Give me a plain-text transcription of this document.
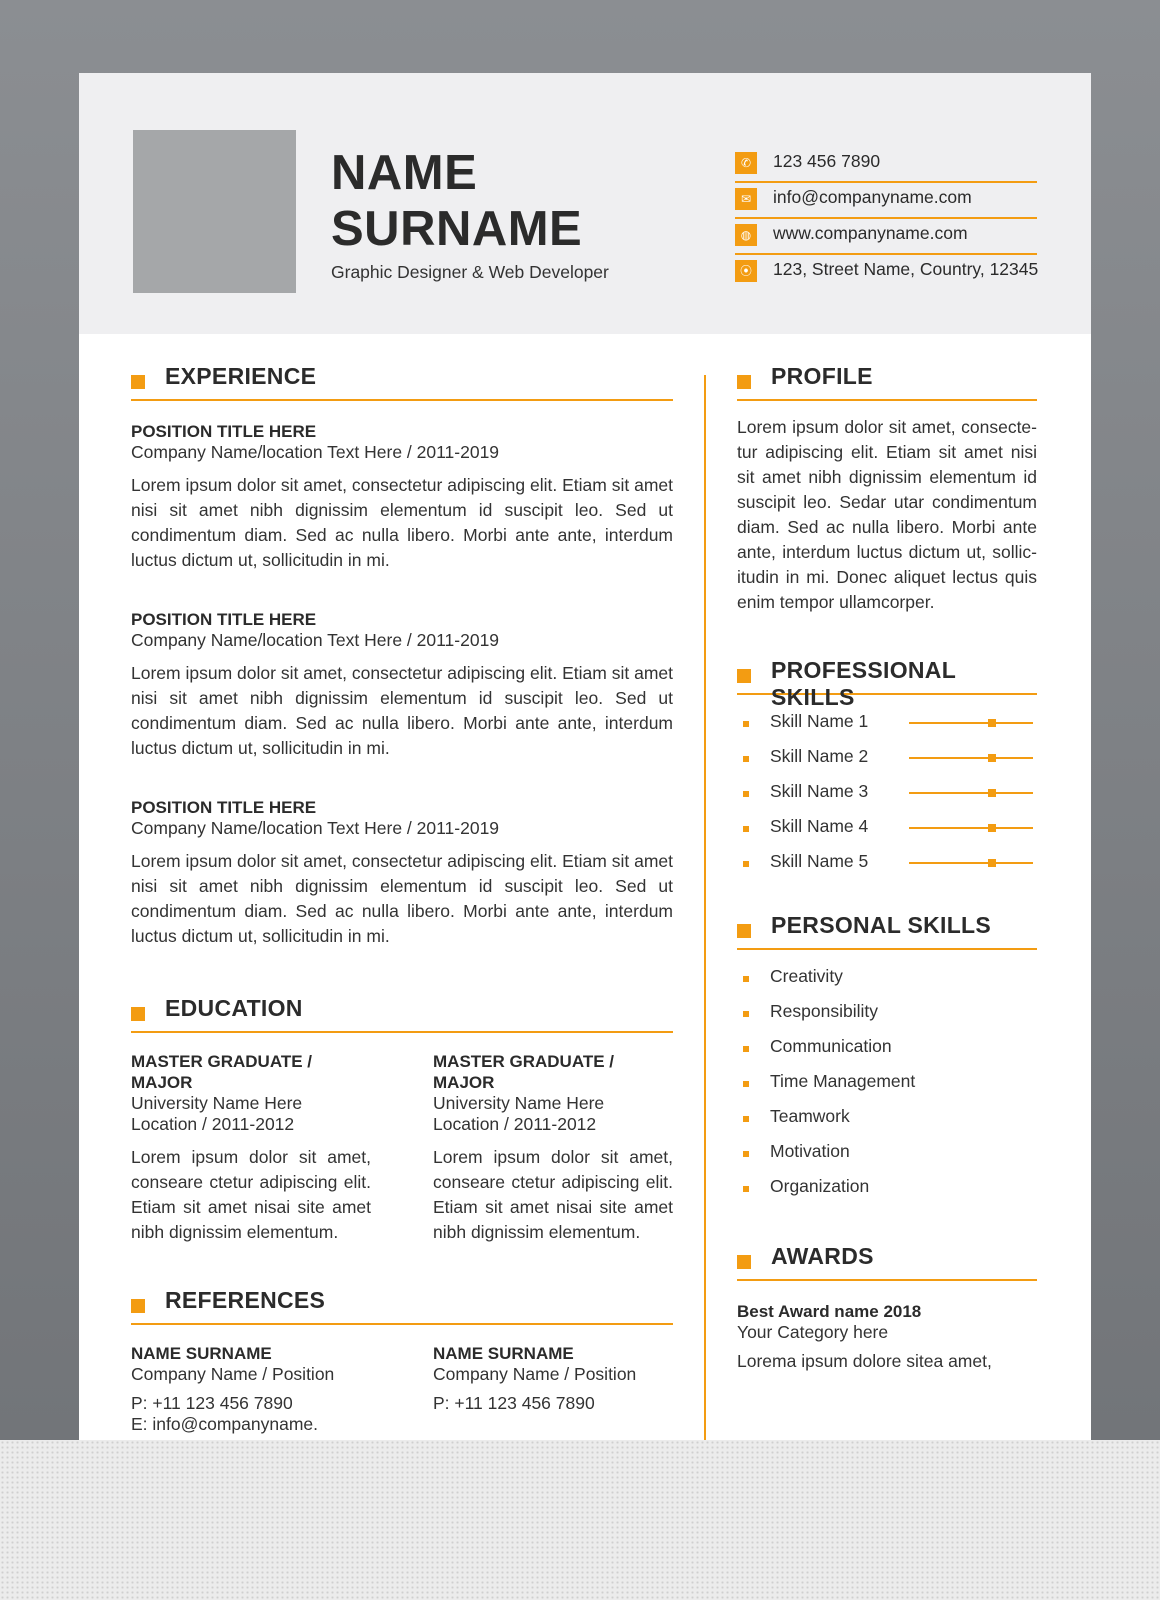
NAME
SURNAME
Graphic Designer & Web Developer
✆	123 456 7890
✉	info@companyname.com
◍	www.companyname.com
⦿ 123, Street Name, Country, 12345
EXPERIENCE
POSITION TITLE HERE
Company Name/location Text Here / 2011-2019
Lorem ipsum dolor sit amet, consectetur adipiscing elit. Etiam sit amet nisi sit amet nibh dignissim elementum id suscipit leo. Sed ut condimentum diam. Sed ac nulla libero. Morbi ante ante, interdum luctus dictum ut, sollicitudin in mi.
POSITION TITLE HERE
Company Name/location Text Here / 2011-2019
Lorem ipsum dolor sit amet, consectetur adipiscing elit. Etiam sit amet nisi sit amet nibh dignissim elementum id suscipit leo. Sed ut condimentum diam. Sed ac nulla libero. Morbi ante ante, interdum luctus dictum ut, sollicitudin in mi.
POSITION TITLE HERE
Company Name/location Text Here / 2011-2019
Lorem ipsum dolor sit amet, consectetur adipiscing elit. Etiam sit amet nisi sit amet nibh dignissim elementum id suscipit leo. Sed ut condimentum diam. Sed ac nulla libero. Morbi ante ante, interdum luctus dictum ut, sollicitudin in mi.
EDUCATION
MASTER GRADUATE / MAJOR
University Name Here
Location / 2011-2012
Lorem ipsum dolor sit amet, conseare ctetur adipiscing elit. Etiam sit amet nisai site amet nibh dignissim elementum.
MASTER GRADUATE / MAJOR
University Name Here
Location / 2011-2012
Lorem ipsum dolor sit amet, conseare ctetur adipiscing elit. Etiam sit amet nisai site amet nibh dignissim elementum.
REFERENCES
NAME SURNAME
Company Name / Position
P: +11 123 456 7890
E: info@companyname.
NAME SURNAME
Company Name / Position
P: +11 123 456 7890
PROFILE
Lorem ipsum dolor sit amet, consecte-tur adipiscing elit. Etiam sit amet nisi sit amet nibh dignissim elementum id suscipit leo. Sedar utar condimentum diam. Sed ac nulla libero. Morbi ante ante, interdum luctus dictum ut, sollic-itudin in mi. Donec aliquet lectus quis enim tempor ullamcorper.
PROFESSIONAL SKILLS
Skill Name 1
Skill Name 2
Skill Name 3
Skill Name 4
Skill Name 5
PERSONAL SKILLS
Creativity
Responsibility
Communication
Time Management
Teamwork
Motivation
Organization
AWARDS
Best Award name 2018
Your Category here
Lorema ipsum dolore sitea amet,
